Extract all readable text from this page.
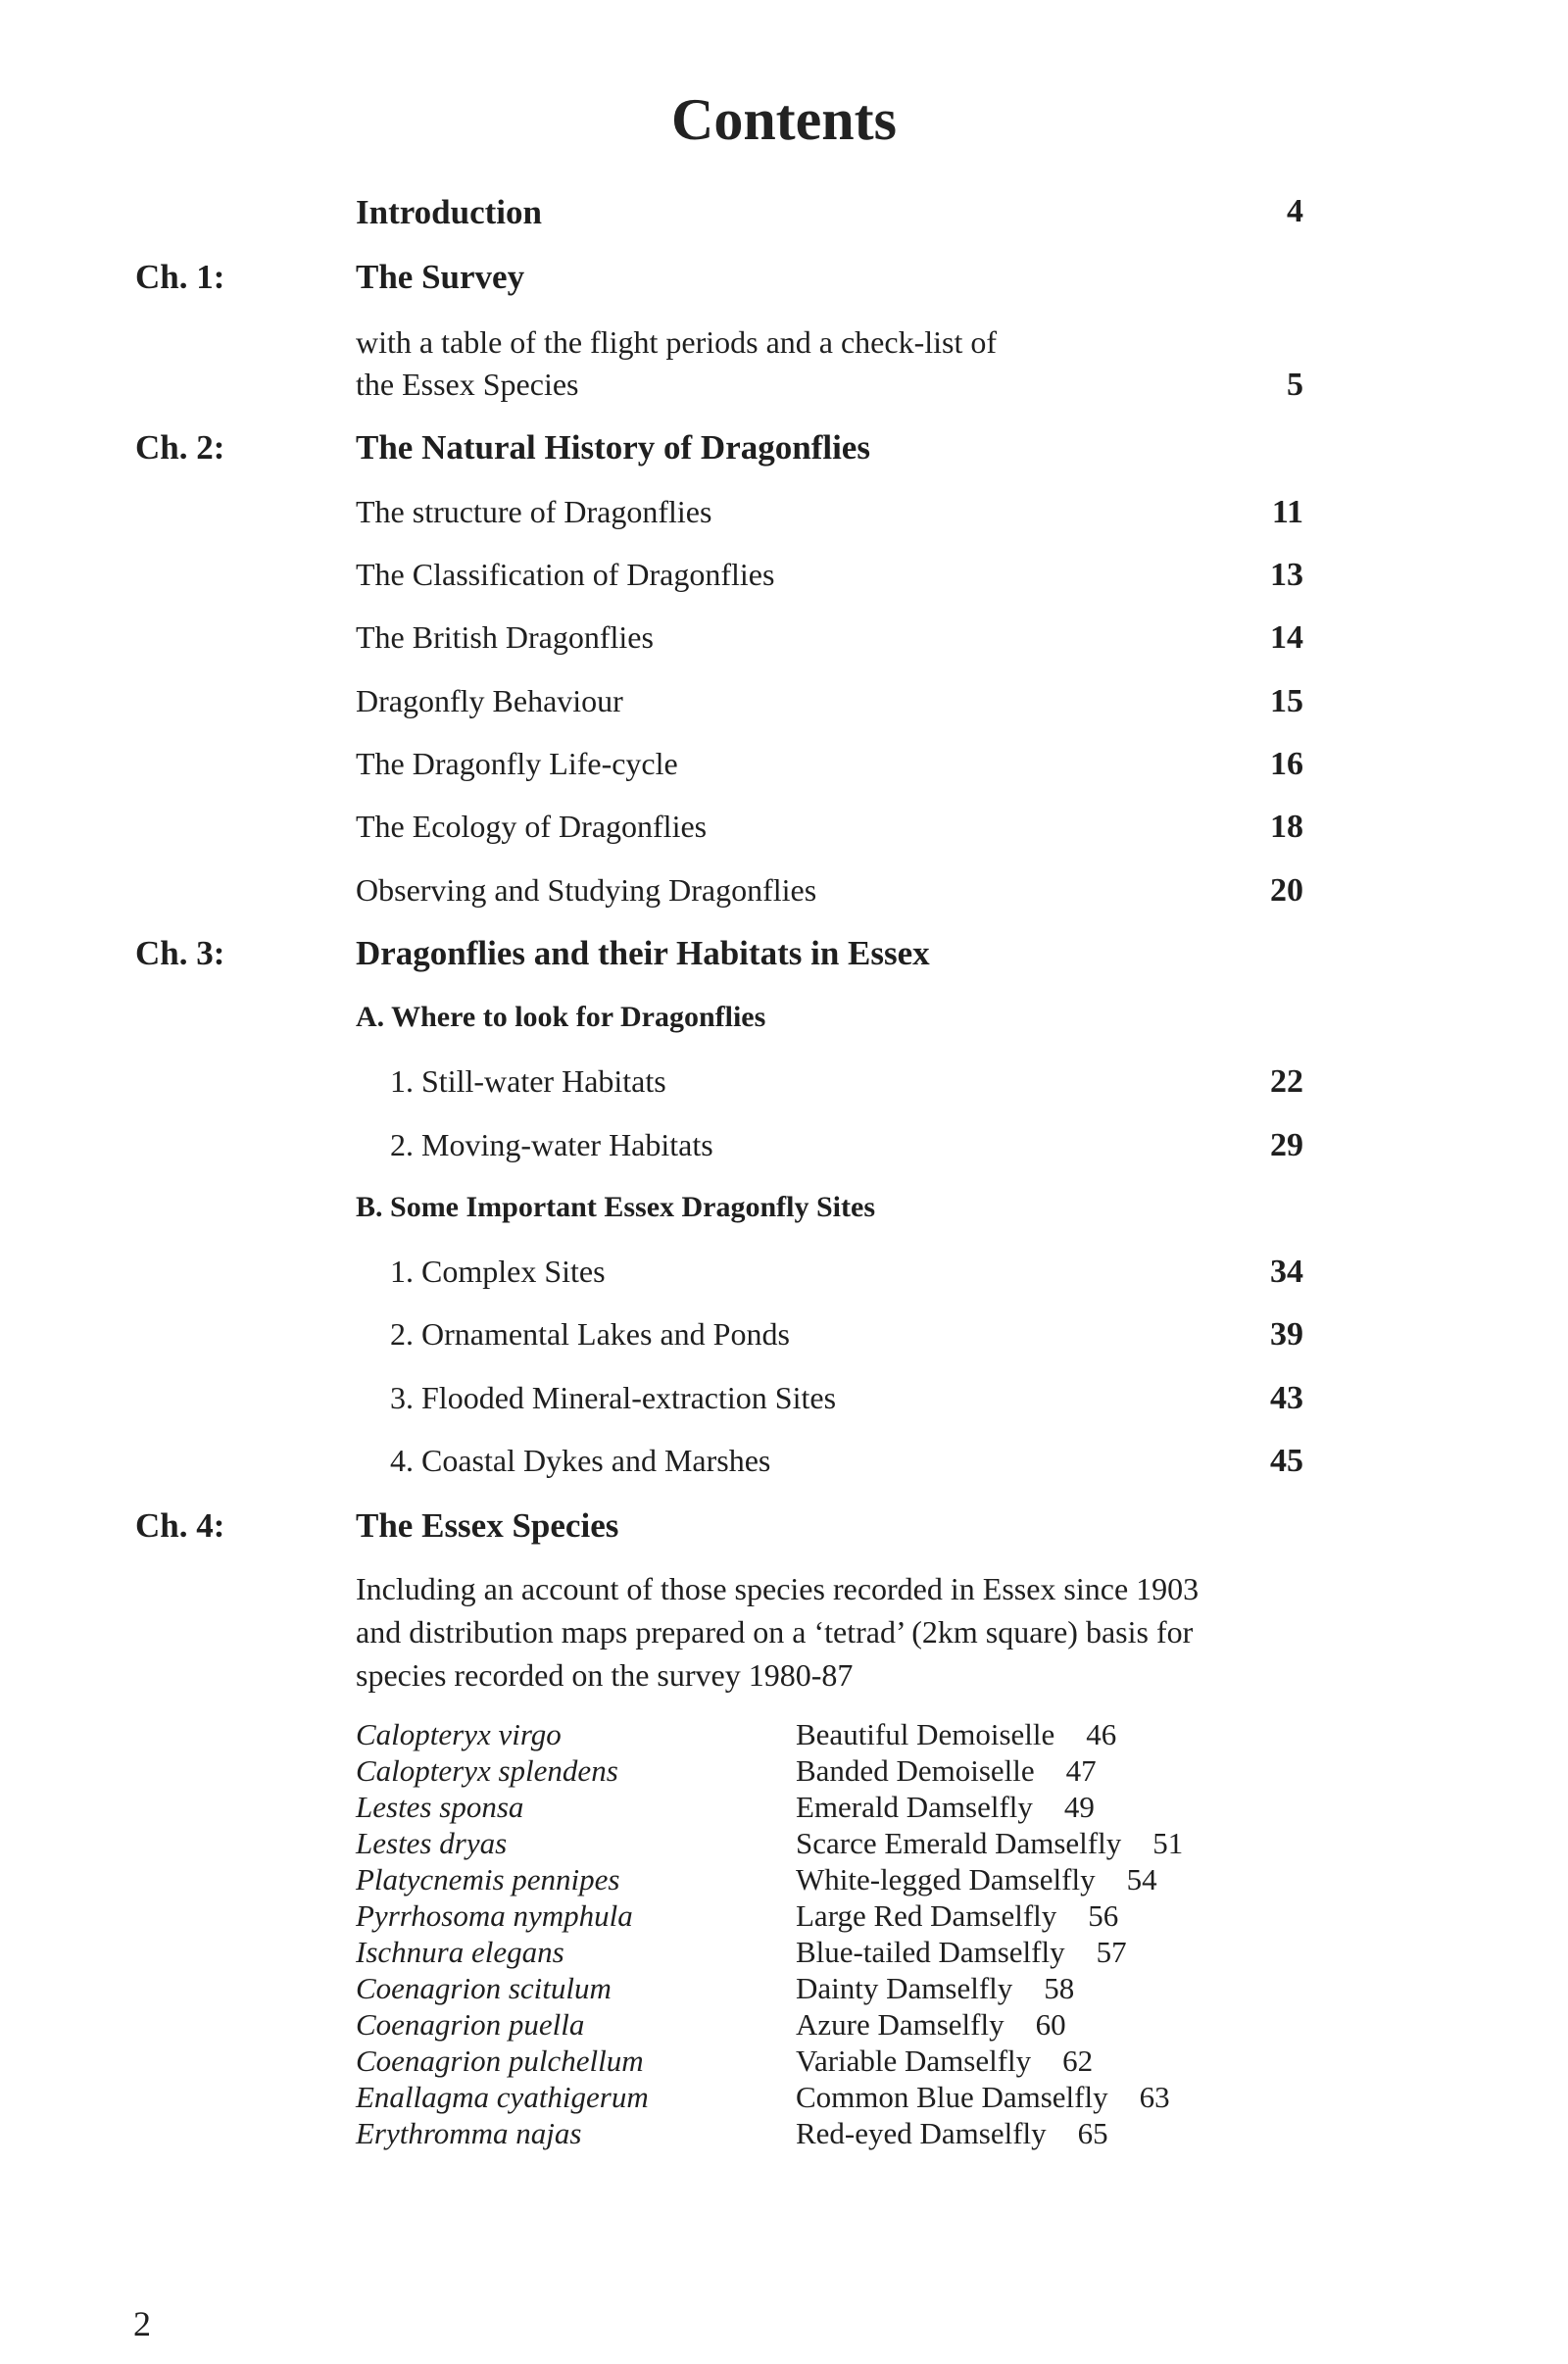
Contents
Introduction	4
Ch. 1:	The Survey
with a table of the flight periods and a check-list of
the Essex Species	5
Ch. 2:	The Natural History of Dragonflies
The structure of Dragonflies	11
The Classification of Dragonflies	13
The British Dragonflies	14
Dragonfly Behaviour	15
The Dragonfly Life-cycle	16
The Ecology of Dragonflies	18
Observing and Studying Dragonflies	20
Ch. 3:	Dragonflies and their Habitats in Essex
A. Where to look for Dragonflies
1. Still-water Habitats	22
2. Moving-water Habitats	29
B. Some Important Essex Dragonfly Sites
1. Complex Sites	34
2. Ornamental Lakes and Ponds	39
3. Flooded Mineral-extraction Sites	43
4. Coastal Dykes and Marshes	45
Ch. 4:	The Essex Species
Including an account of those species recorded in Essex since 1903
and distribution maps prepared on a ‘tetrad’ (2km square) basis for
species recorded on the survey 1980-87
Calopteryx virgo	Beautiful Demoiselle 46
Calopteryx splendens	Banded Demoiselle 47
Lestes sponsa	Emerald Damselfly 49
Lestes dryas	Scarce Emerald Damselfly 51
Platycnemis pennipes	White-legged Damselfly 54
Pyrrhosoma nymphula	Large Red Damselfly 56
Ischnura elegans	Blue-tailed Damselfly 57
Coenagrion scitulum	Dainty Damselfly 58
Coenagrion puella	Azure Damselfly 60
Coenagrion pulchellum	Variable Damselfly 62
Enallagma cyathigerum	Common Blue Damselfly 63
Erythromma najas	Red-eyed Damselfly 65
2
